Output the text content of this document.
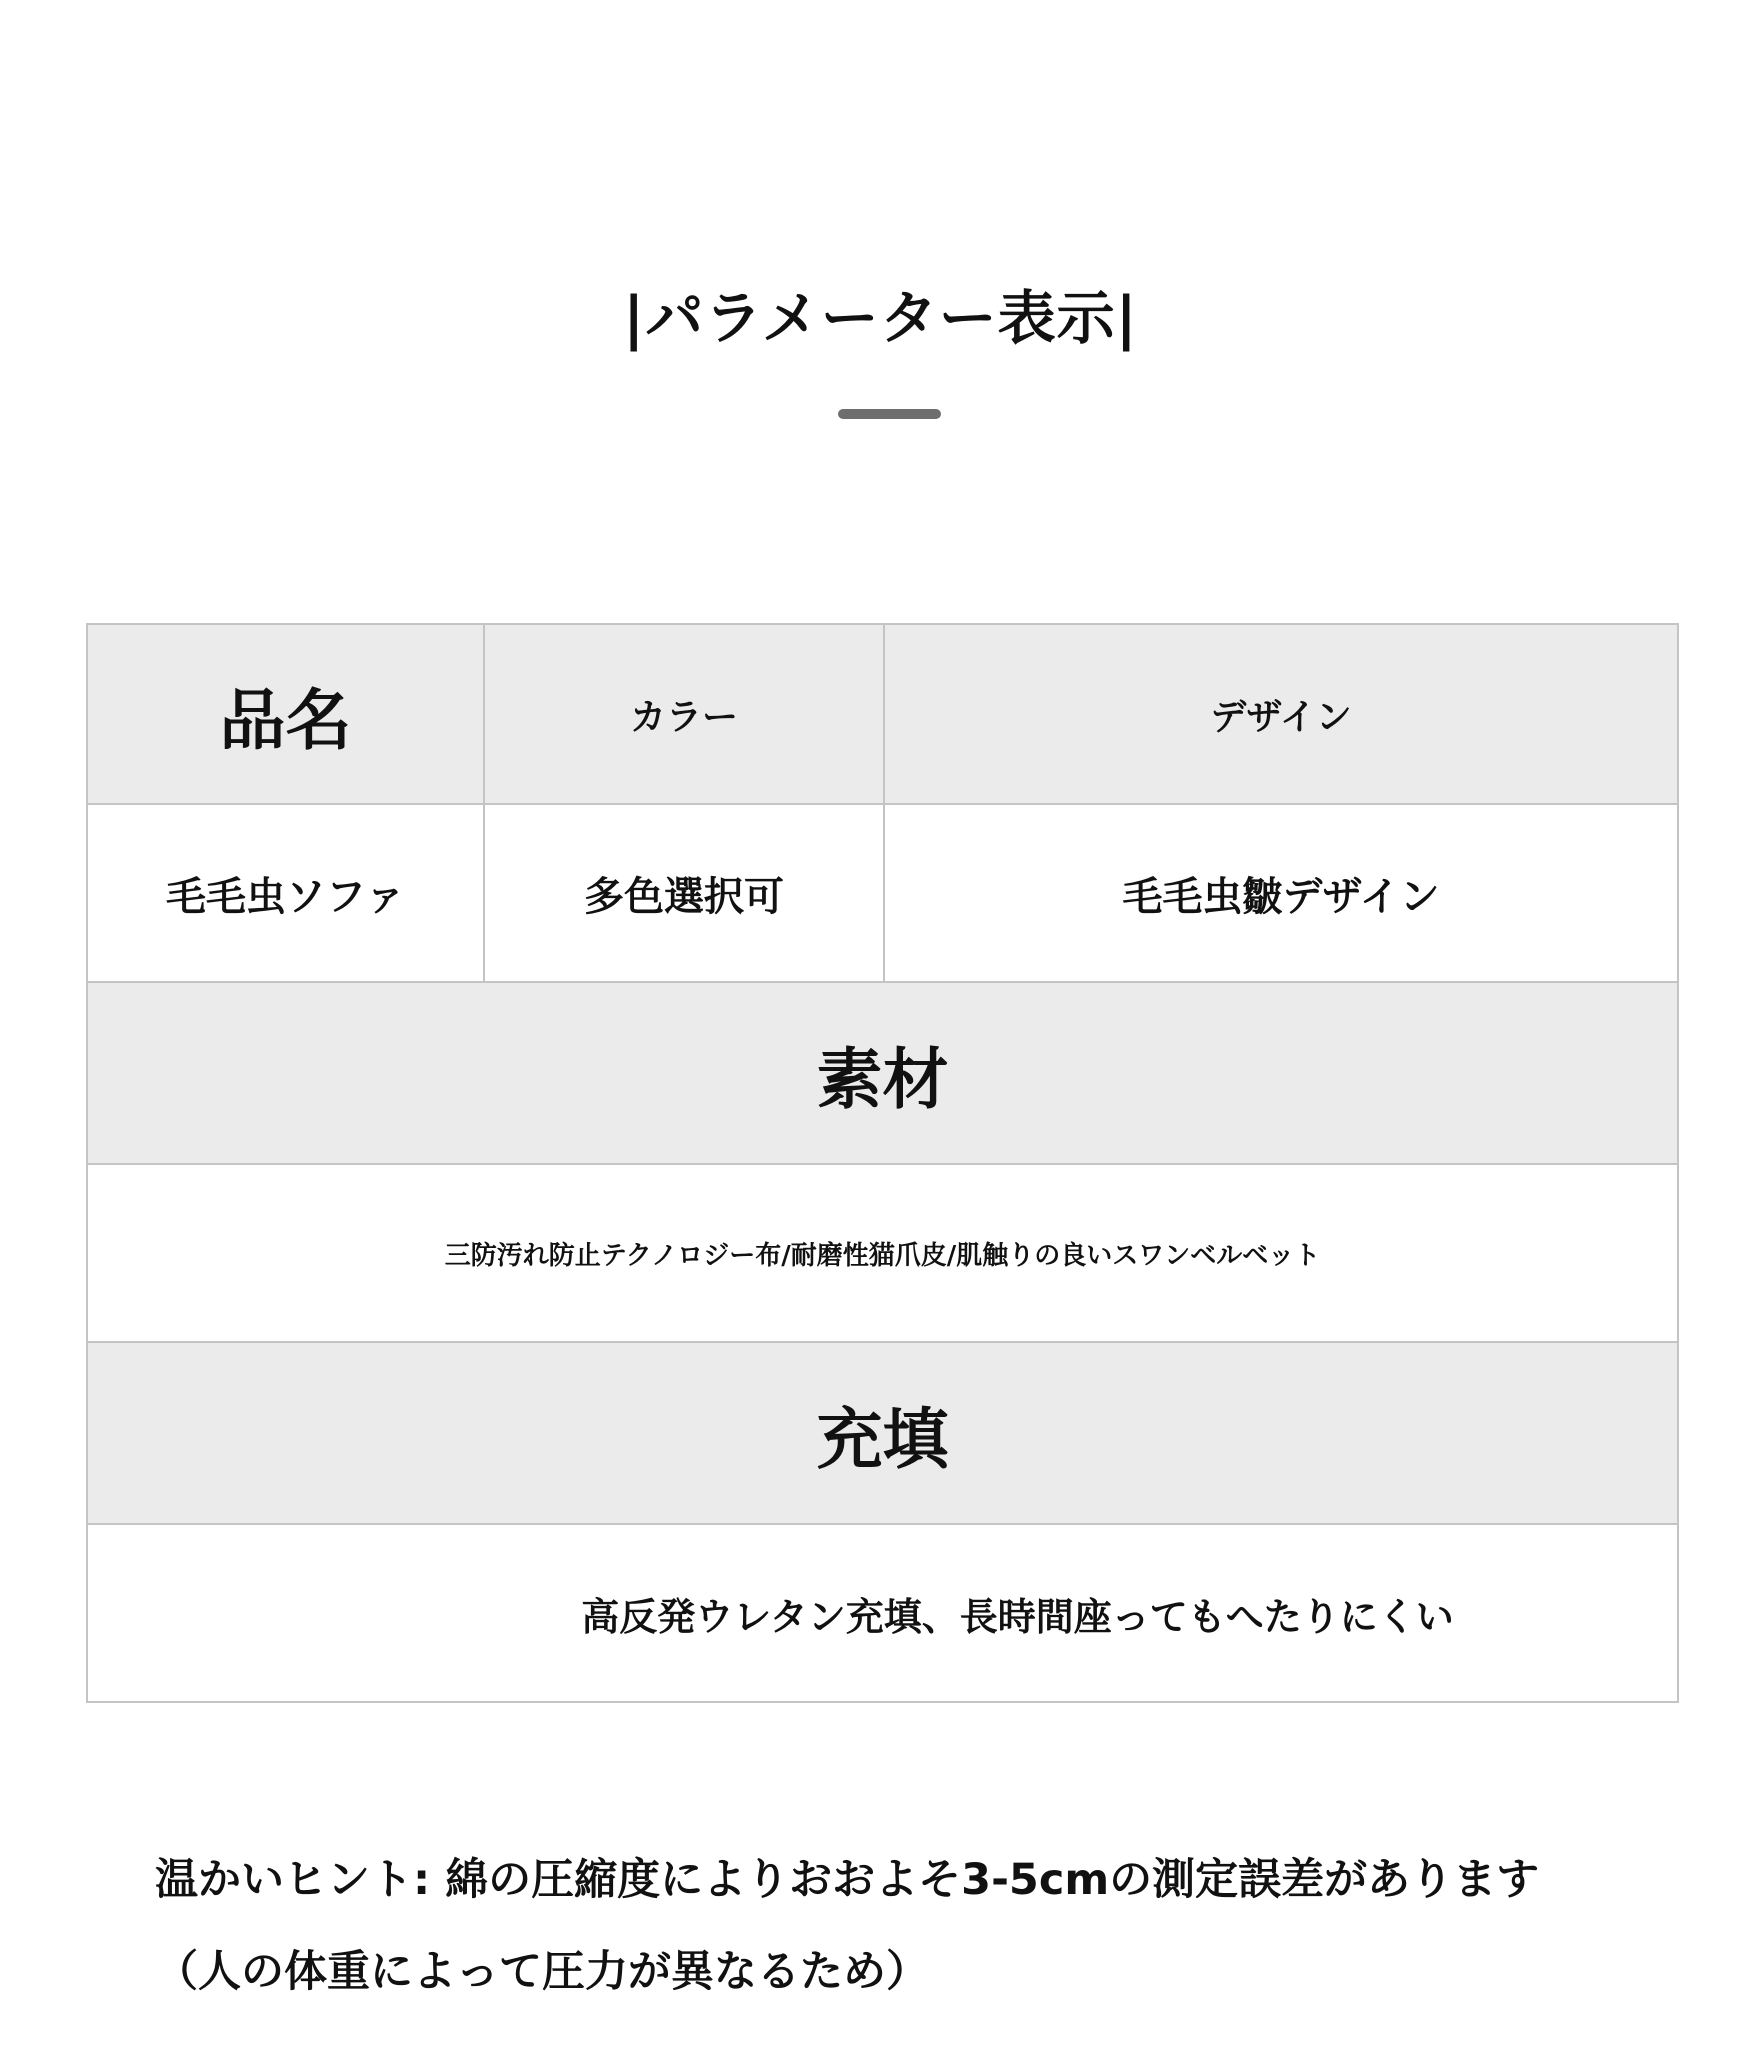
|パラメーター表示|
品名	カラー	デザイン
毛毛虫ソファ	多色選択可	毛毛虫皺デザイン
素材		
三防汚れ防止テクノロジー布/耐磨性猫爪皮/肌触りの良いスワンベルベット		
充填		
高反発ウレタン充填、長時間座ってもへたりにくい		
温かいヒント: 綿の圧縮度によりおおよそ3-5cmの測定誤差があります
（人の体重によって圧力が異なるため）
